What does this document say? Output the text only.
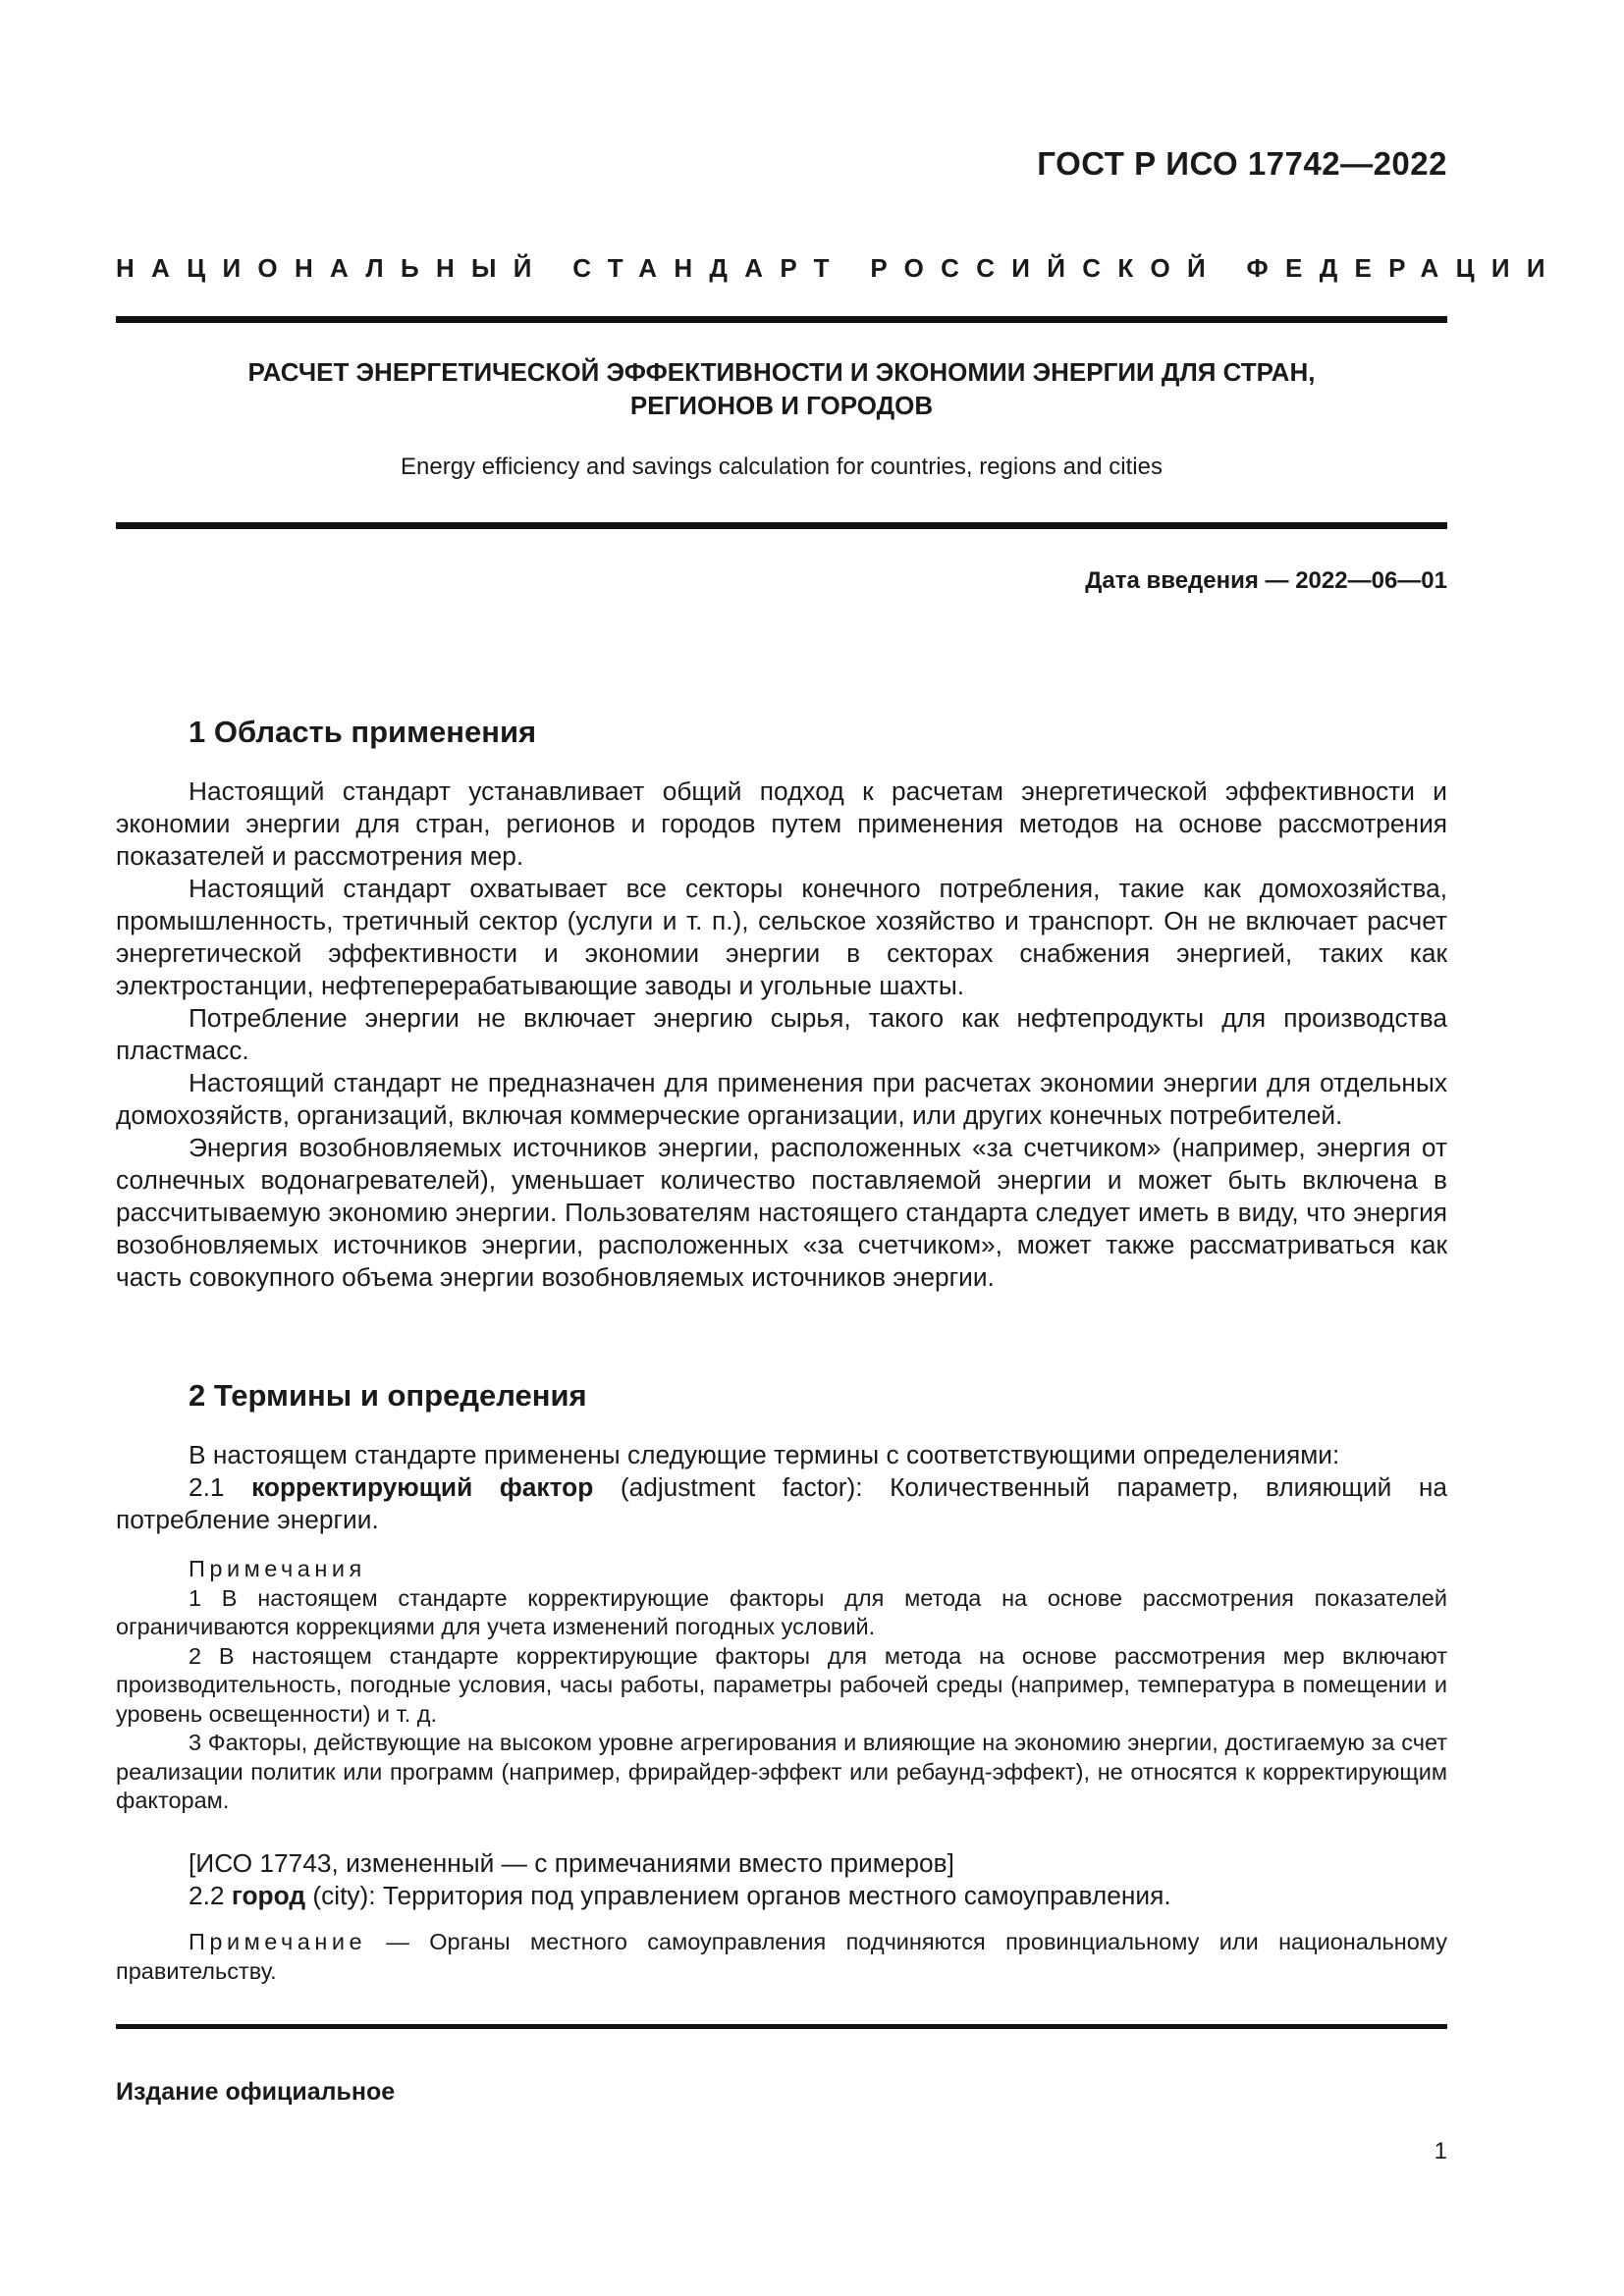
ГОСТ Р ИСО 17742—2022
НАЦИОНАЛЬНЫЙ СТАНДАРТ РОССИЙСКОЙ ФЕДЕРАЦИИ
РАСЧЕТ ЭНЕРГЕТИЧЕСКОЙ ЭФФЕКТИВНОСТИ И ЭКОНОМИИ ЭНЕРГИИ ДЛЯ СТРАН,
РЕГИОНОВ И ГОРОДОВ
Energy efficiency and savings calculation for countries, regions and cities
Дата введения — 2022—06—01
1 Область применения

Настоящий стандарт устанавливает общий подход к расчетам энергетической эффективности и экономии энергии для стран, регионов и городов путем применения методов на основе рассмотрения показателей и рассмотрения мер.

Настоящий стандарт охватывает все секторы конечного потребления, такие как домохозяйства, промышленность, третичный сектор (услуги и т. п.), сельское хозяйство и транспорт. Он не включает расчет энергетической эффективности и экономии энергии в секторах снабжения энергией, таких как электростанции, нефтеперерабатывающие заводы и угольные шахты.

Потребление энергии не включает энергию сырья, такого как нефтепродукты для производства пластмасс.

Настоящий стандарт не предназначен для применения при расчетах экономии энергии для отдельных домохозяйств, организаций, включая коммерческие организации, или других конечных потребителей.

Энергия возобновляемых источников энергии, расположенных «за счетчиком» (например, энергия от солнечных водонагревателей), уменьшает количество поставляемой энергии и может быть включена в рассчитываемую экономию энергии. Пользователям настоящего стандарта следует иметь в виду, что энергия возобновляемых источников энергии, расположенных «за счетчиком», может также рассматриваться как часть совокупного объема энергии возобновляемых источников энергии.

2 Термины и определения

В настоящем стандарте применены следующие термины с соответствующими определениями:

2.1 корректирующий фактор (adjustment factor): Количественный параметр, влияющий на потребление энергии.

Примечания

1 В настоящем стандарте корректирующие факторы для метода на основе рассмотрения показателей ограничиваются коррекциями для учета изменений погодных условий.

2 В настоящем стандарте корректирующие факторы для метода на основе рассмотрения мер включают производительность, погодные условия, часы работы, параметры рабочей среды (например, температура в помещении и уровень освещенности) и т. д.

3 Факторы, действующие на высоком уровне агрегирования и влияющие на экономию энергии, достигаемую за счет реализации политик или программ (например, фрирайдер-эффект или ребаунд-эффект), не относятся к корректирующим факторам.

[ИСО 17743, измененный — с примечаниями вместо примеров]

2.2 город (city): Территория под управлением органов местного самоуправления.

Примечание — Органы местного самоуправления подчиняются провинциальному или национальному правительству.

Издание официальное
1
